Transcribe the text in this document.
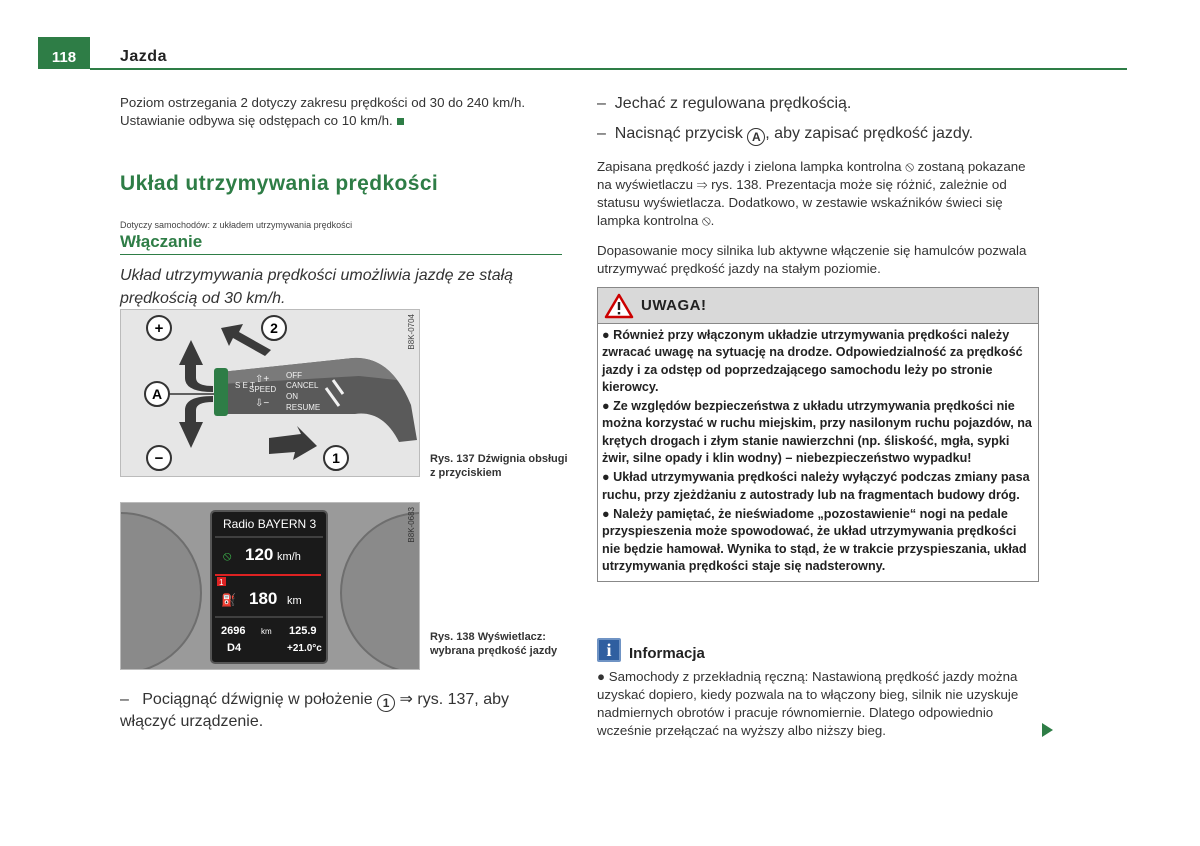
118	Jazda

Poziom ostrzegania 2 dotyczy zakresu prędkości od 30 do 240 km/h. Ustawianie odbywa się odstępach co 10 km/h.

Układ utrzymywania prędkości
Dotyczy samochodów: z układem utrzymywania prędkości
Włączanie

Układ utrzymywania prędkości umożliwia jazdę ze stałą prędkością od 30 km/h.

+	2
A
−	1
S E T
SPEED
⇧+
⇩−
OFF
CANCEL
ON
RESUME
B8K-0704
Rys. 137 Dźwignia obsługi z przyciskiem
Radio BAYERN 3
⦸ 120 km/h
1
⛽ 180 km
2696 km 125.9
D4	+21.0°c
B8K-0683
Rys. 138 Wyświetlacz: wybrana prędkość jazdy
– Pociągnąć dźwignię w położenie 1 ⇒ rys. 137, aby włączyć urządzenie.

– Jechać z regulowana prędkością.

– Nacisnąć przycisk A , aby zapisać prędkość jazdy.

Zapisana prędkość jazdy i zielona lampka kontrolna ⦸ zostaną pokazane na wyświetlaczu ⇒ rys. 138. Prezentacja może się różnić, zależnie od statusu wyświetlacza. Dodatkowo, w zestawie wskaźników świeci się lampka kontrolna ⦸.

Dopasowanie mocy silnika lub aktywne włączenie się hamulców pozwala utrzymywać prędkość jazdy na stałym poziomie.

UWAGA!

● Również przy włączonym układzie utrzymywania prędkości należy zwracać uwagę na sytuację na drodze. Odpowiedzialność za prędkość jazdy i za odstęp od poprzedzającego samochodu leży po stronie kierowcy.

● Ze względów bezpieczeństwa z układu utrzymywania prędkości nie można korzystać w ruchu miejskim, przy nasilonym ruchu pojazdów, na krętych drogach i złym stanie nawierzchni (np. śliskość, mgła, sypki żwir, silne opady i klin wodny) – niebezpieczeństwo wypadku!

● Układ utrzymywania prędkości należy wyłączyć podczas zmiany pasa ruchu, przy zjeżdżaniu z autostrady lub na fragmentach budowy dróg.

● Należy pamiętać, że nieświadome „pozostawienie“ nogi na pedale przyspieszenia może spowodować, że układ utrzymywania prędkości nie będzie hamował. Wynika to stąd, że w trakcie przyspieszania, układ utrzymywania prędkości staje się nadsterowny.

i	Informacja

● Samochody z przekładnią ręczną: Nastawioną prędkość jazdy można uzyskać dopiero, kiedy pozwala na to włączony bieg, silnik nie uzyskuje nadmiernych obrotów i pracuje równomiernie. Dlatego odpowiednio wcześnie przełączać na wyższy albo niższy bieg.
